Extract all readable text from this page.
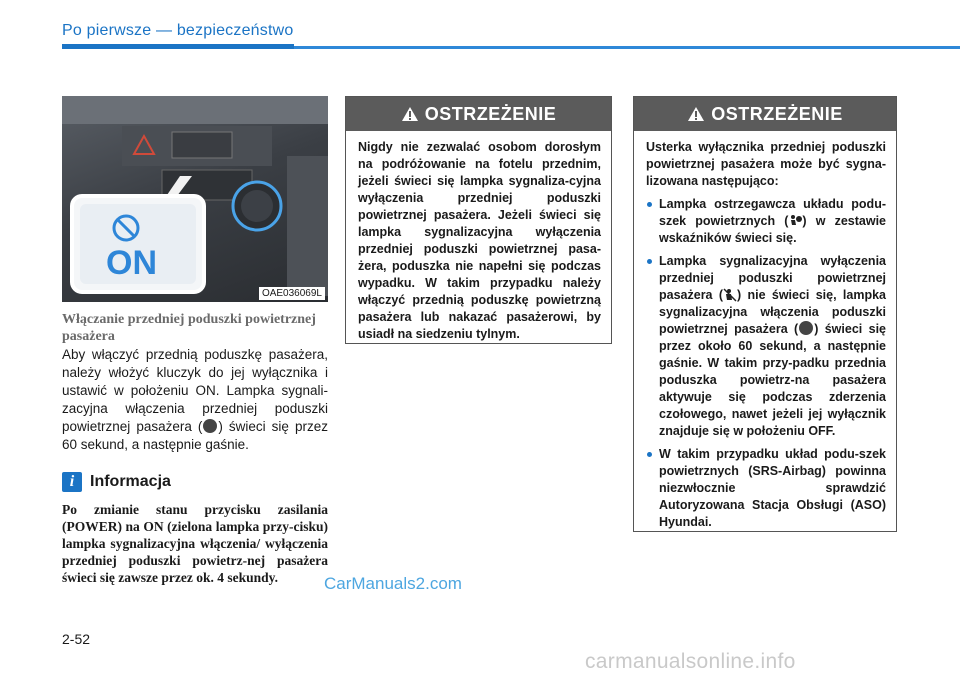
Po pierwsze — bezpieczeństwo
ON
OAE036069L
Włączanie przedniej poduszki powietrznej pasażera
Aby włączyć przednią poduszkę pasażera, należy włożyć kluczyk do jej wyłącznika i ustawić w położeniu ON. Lampka sygnali-zacyjna włączenia przedniej poduszki powietrznej pasażera ( ) świeci się przez 60 sekund, a następnie gaśnie.
i Informacja
Po zmianie stanu przycisku zasilania (POWER) na ON (zielona lampka przy-cisku) lampka sygnalizacyjna włączenia/ wyłączenia przedniej poduszki powietrz-nej pasażera świeci się zawsze przez ok. 4 sekundy.
OSTRZEŻENIE
Nigdy nie zezwalać osobom dorosłym na podróżowanie na fotelu przednim, jeżeli świeci się lampka sygnaliza-cyjna wyłączenia przedniej poduszki powietrznej pasażera. Jeżeli świeci się lampka sygnalizacyjna wyłączenia przedniej poduszki powietrznej pasa-żera, poduszka nie napełni się podczas wypadku. W takim przypadku należy włączyć przednią poduszkę powietrzną pasażera lub nakazać pasażerowi, by usiadł na siedzeniu tylnym.
OSTRZEŻENIE
Usterka wyłącznika przedniej poduszki powietrznej pasażera może być sygna-lizowana następująco:
Lampka ostrzegawcza układu podu-szek powietrznych ( ) w zestawie wskaźników świeci się.
Lampka sygnalizacyjna wyłączenia przedniej poduszki powietrznej pasażera ( ) nie świeci się, lampka sygnalizacyjna włączenia poduszki powietrznej pasażera ( ) świeci się przez około 60 sekund, a następnie gaśnie. W takim przy-padku przednia poduszka powietrz-na pasażera aktywuje się podczas zderzenia czołowego, nawet jeżeli jej wyłącznik znajduje się w położeniu OFF.
W takim przypadku układ podu-szek powietrznych (SRS-Airbag) powinna niezwłocznie sprawdzić Autoryzowana Stacja Obsługi (ASO) Hyundai.
2-52
CarManuals2.com
carmanualsonline.info
